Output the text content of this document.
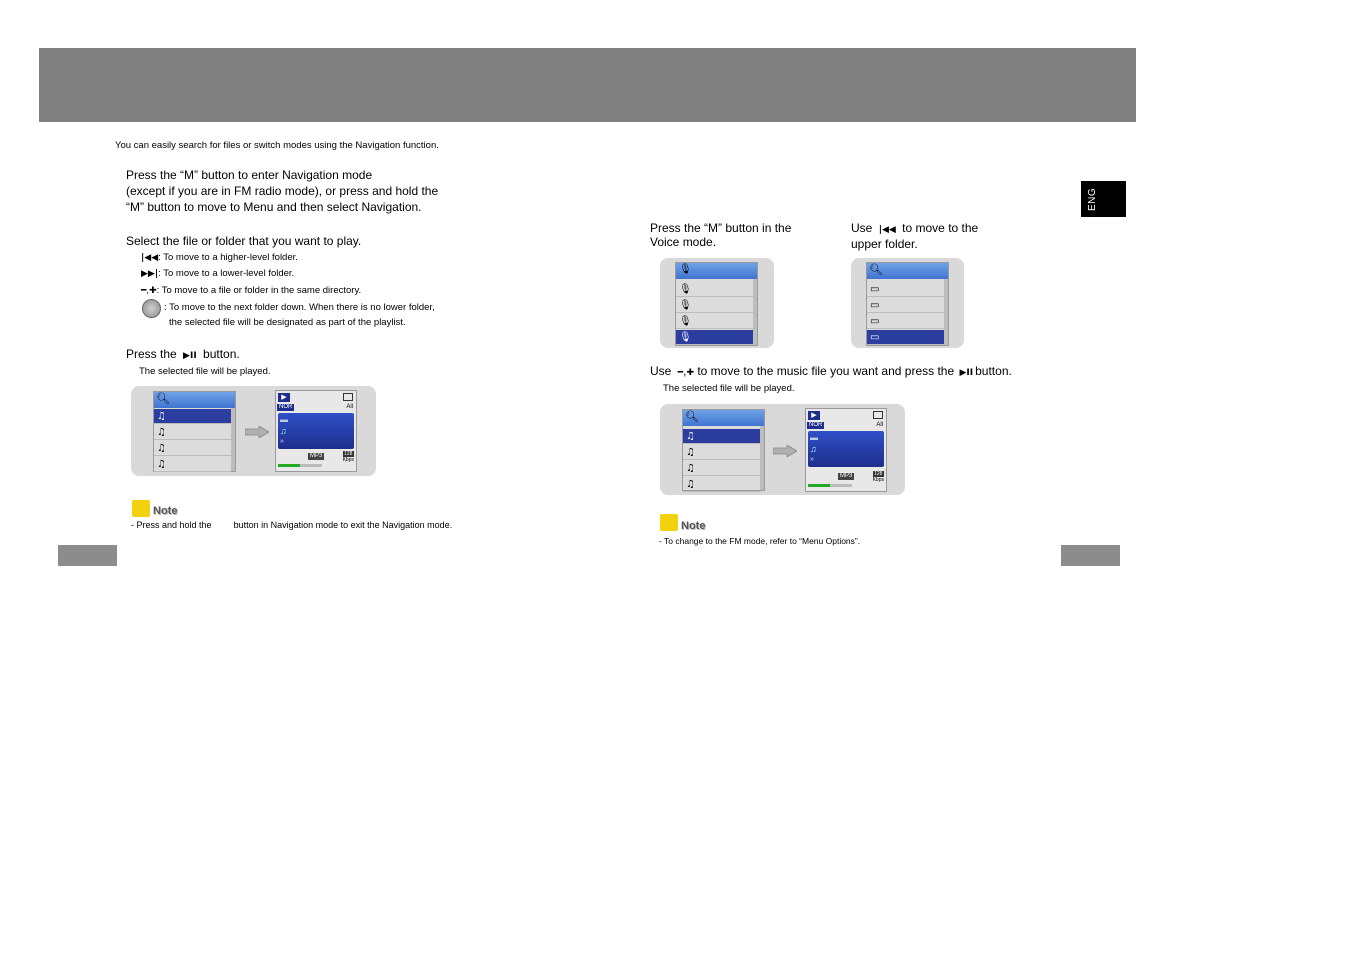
You can easily search for files or switch modes using the Navigation function.
Press the “M” button to enter Navigation mode
(except if you are in FM radio mode), or press and hold the
“M” button to move to Menu and then select Navigation.
Select the file or folder that you want to play.
|◀◀: To move to a higher-level folder.
▶▶|: To move to a lower-level folder.
━,✚: To move to a file or folder in the same directory.
: To move to the next folder down. When there is no lower folder,
the selected file will be designated as part of the playlist.
Press the ▶II button.
The selected file will be played.
🔍︎
♫
♫
♫
♫
▶
NOR	All
▬
♫
»
MP3	128
Kbps
Note
- Press and hold the button in Navigation mode to exit the Navigation mode.
Press the “M” button in the
Voice mode.
Use |◀◀ to move to the
upper folder.
🎙︎
🎙︎
🎙︎
🎙︎
🎙︎
🔍︎
▭
▭
▭
▭
Use ━,✚ to move to the music file you want and press the ▶II button.
The selected file will be played.
🔍︎
♫
♫
♫
♫
▶
NOR	All
▬
♫
»
MP3	128
Kbps
Note
- To change to the FM mode, refer to “Menu Options”.
ENG
